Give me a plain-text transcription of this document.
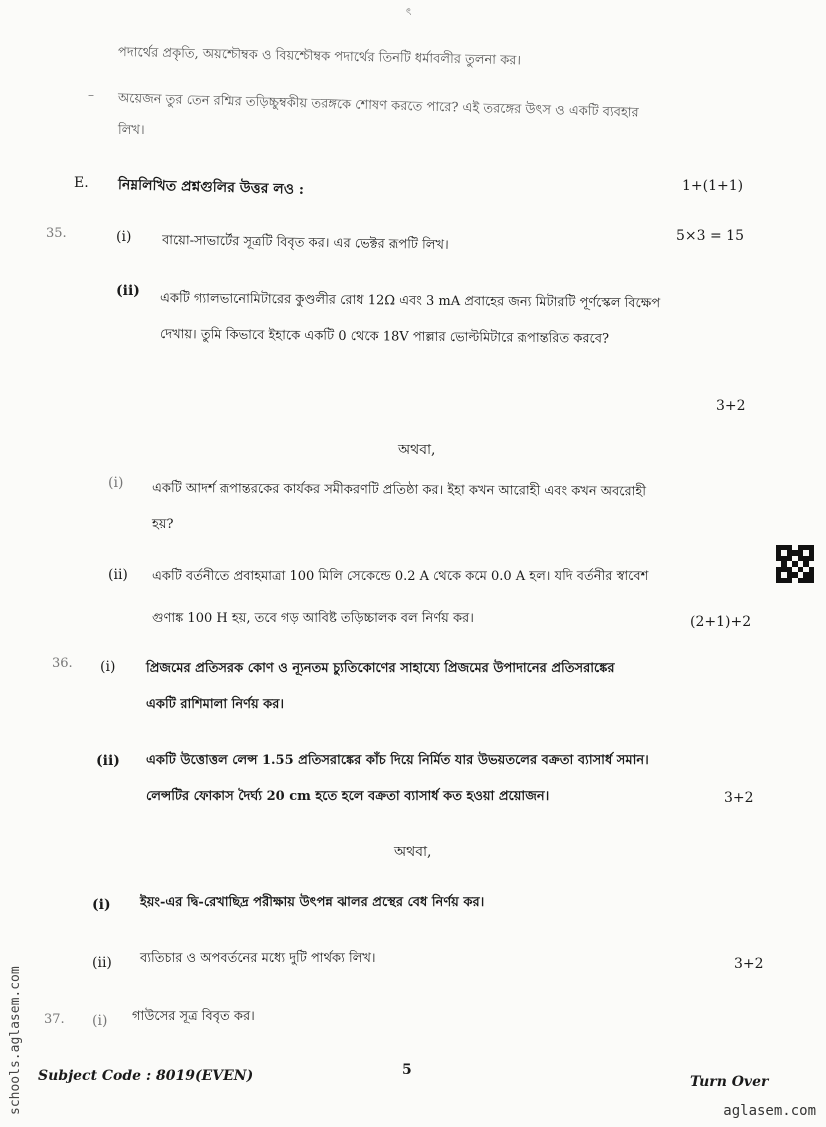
ৎ
পদার্থের প্ৰকৃতি, অয়শ্চৌম্বক ও বিয়শ্চৌম্বক পদার্থের তিনটি ধর্মাবলীর তুলনা কর।
– অয়েজন তুর তেন রশ্মির তড়িচ্চুম্বকীয় তরঙ্গকে শোষণ করতে পারে? এই তরঙ্গের উৎস ও একটি ব্যবহার
লিখ।
E. নিম্নলিখিত প্ৰশ্নগুলির উত্তর লও :	1+(1+1)
35.	(i) বায়ো-সাভার্টের সূত্রটি বিবৃত কর। এর ভেক্টর রূপটি লিখ।	5×3 = 15
(ii)
একটি গ্যালভানোমিটারের কুণ্ডলীর রোধ 12Ω এবং 3 mA প্ৰবাহের জন্য মিটারটি পূর্ণস্কেল বিক্ষেপ
দেখায়। তুমি কিভাবে ইহাকে একটি 0 থেকে 18V পাল্লার ভোল্টমিটারে রূপান্তরিত করবে?
3+2
অথবা,
(i) একটি আদর্শ রূপান্তরকের কার্যকর সমীকরণটি প্ৰতিষ্ঠা কর। ইহা কখন আরোহী এবং কখন অবরোহী
হয়?
(ii) একটি বর্তনীতে প্ৰবাহমাত্ৰা 100 মিলি সেকেন্ডে 0.2 A থেকে কমে 0.0 A হল। যদি বর্তনীর স্বাবেশ
গুণাঙ্ক 100 H হয়, তবে গড় আবিষ্ট তড়িচ্চালক বল নির্ণয় কর।	(2+1)+2
36. (i) প্ৰিজমের প্ৰতিসরক কোণ ও ন্যূনতম চ্যুতিকোণের সাহায্যে প্ৰিজমের উপাদানের প্ৰতিসরাঙ্কের
একটি রাশিমালা নির্ণয় কর।
(ii) একটি উত্তোত্তল লেন্স 1.55 প্ৰতিসরাঙ্কের কাঁচ দিয়ে নির্মিত যার উভয়তলের বক্ৰতা ব্যাসার্ধ সমান।
লেন্সটির ফোকাস দৈর্ঘ্য 20 cm হতে হলে বক্ৰতা ব্যাসার্ধ কত হওয়া প্ৰয়োজন।	3+2
অথবা,
(i) ইয়ং-এর দ্বি-রেখাছিদ্ৰ পরীক্ষায় উৎপন্ন ঝালর প্ৰস্থের বেধ নির্ণয় কর।
(ii) ব্যতিচার ও অপবর্তনের মধ্যে দুটি পার্থক্য লিখ।	3+2
37. (i) গাউসের সূত্র বিবৃত কর।
Subject Code : 8019(EVEN)	5
Turn Over
schools.aglasem.com	aglasem.com
